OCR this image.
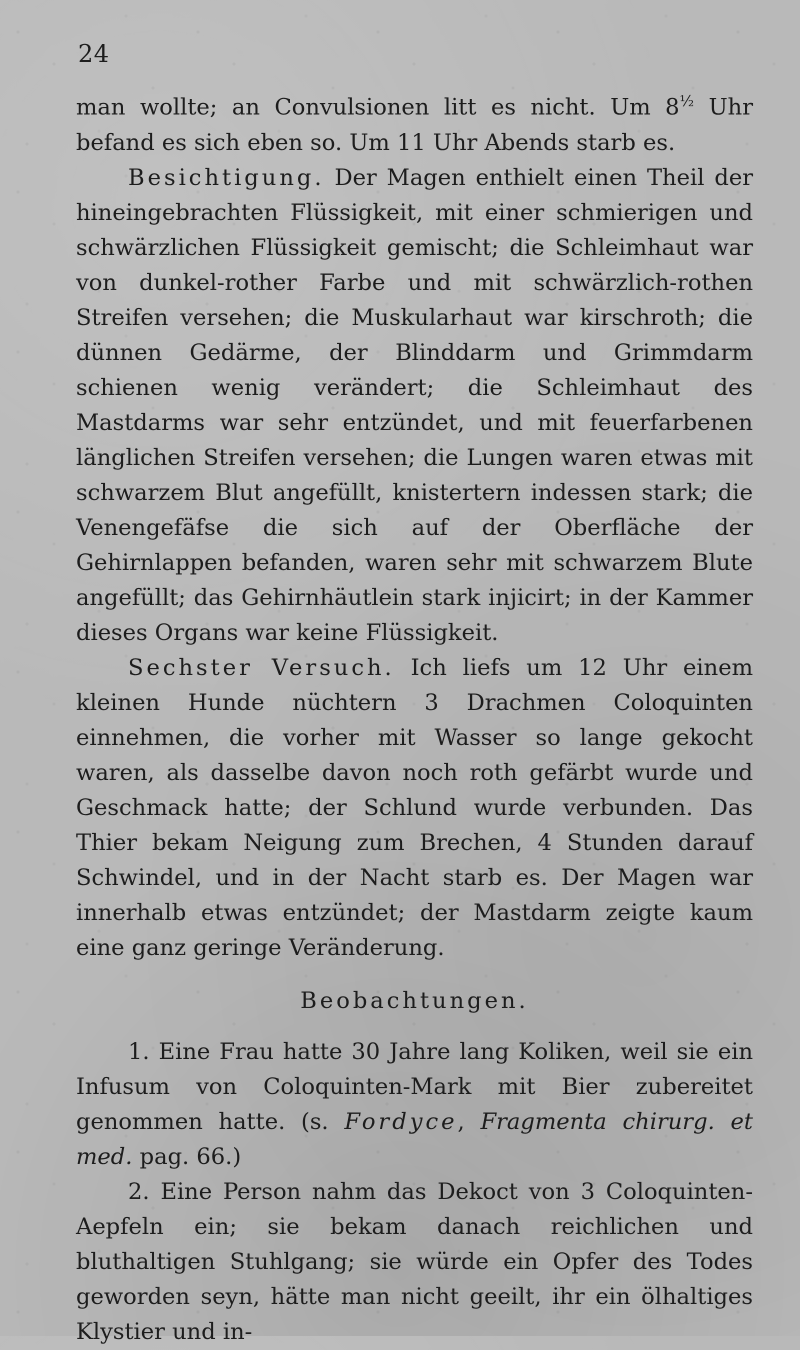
24

man wollte; an Convulsionen litt es nicht. Um $8^{\frac{1}{2}}$ Uhr befand es sich eben so. Um 11 Uhr Abends starb es.

Besichtigung. Der Magen enthielt einen Theil der hineingebrachten Flüssigkeit, mit einer schmierigen und schwärzlichen Flüssigkeit gemischt; die Schleimhaut war von dunkel-rother Farbe und mit schwärzlich-rothen Streifen versehen; die Muskularhaut war kirschroth; die dünnen Gedärme, der Blinddarm und Grimmdarm schienen wenig verändert; die Schleimhaut des Mastdarms war sehr entzündet, und mit feuerfarbenen länglichen Streifen versehen; die Lungen waren etwas mit schwarzem Blut angefüllt, knistertern indessen stark; die Venengefäfse die sich auf der Oberfläche der Gehirnlappen befanden, waren sehr mit schwarzem Blute angefüllt; das Gehirnhäutlein stark injicirt; in der Kammer dieses Organs war keine Flüssigkeit.

Sechster Versuch. Ich liefs um 12 Uhr einem kleinen Hunde nüchtern 3 Drachmen Coloquinten einnehmen, die vorher mit Wasser so lange gekocht waren, als dasselbe davon noch roth gefärbt wurde und Geschmack hatte; der Schlund wurde verbunden. Das Thier bekam Neigung zum Brechen, 4 Stunden darauf Schwindel, und in der Nacht starb es. Der Magen war innerhalb etwas entzündet; der Mastdarm zeigte kaum eine ganz geringe Veränderung.

Beobachtungen.

1. Eine Frau hatte 30 Jahre lang Koliken, weil sie ein Infusum von Coloquinten-Mark mit Bier zubereitet genommen hatte. (s. Fordyce, Fragmenta chirurg. et med. pag. 66.)

2. Eine Person nahm das Dekoct von 3 Coloquinten-Aepfeln ein; sie bekam danach reichlichen und bluthaltigen Stuhlgang; sie würde ein Opfer des Todes geworden seyn, hätte man nicht geeilt, ihr ein ölhaltiges Klystier und in-
